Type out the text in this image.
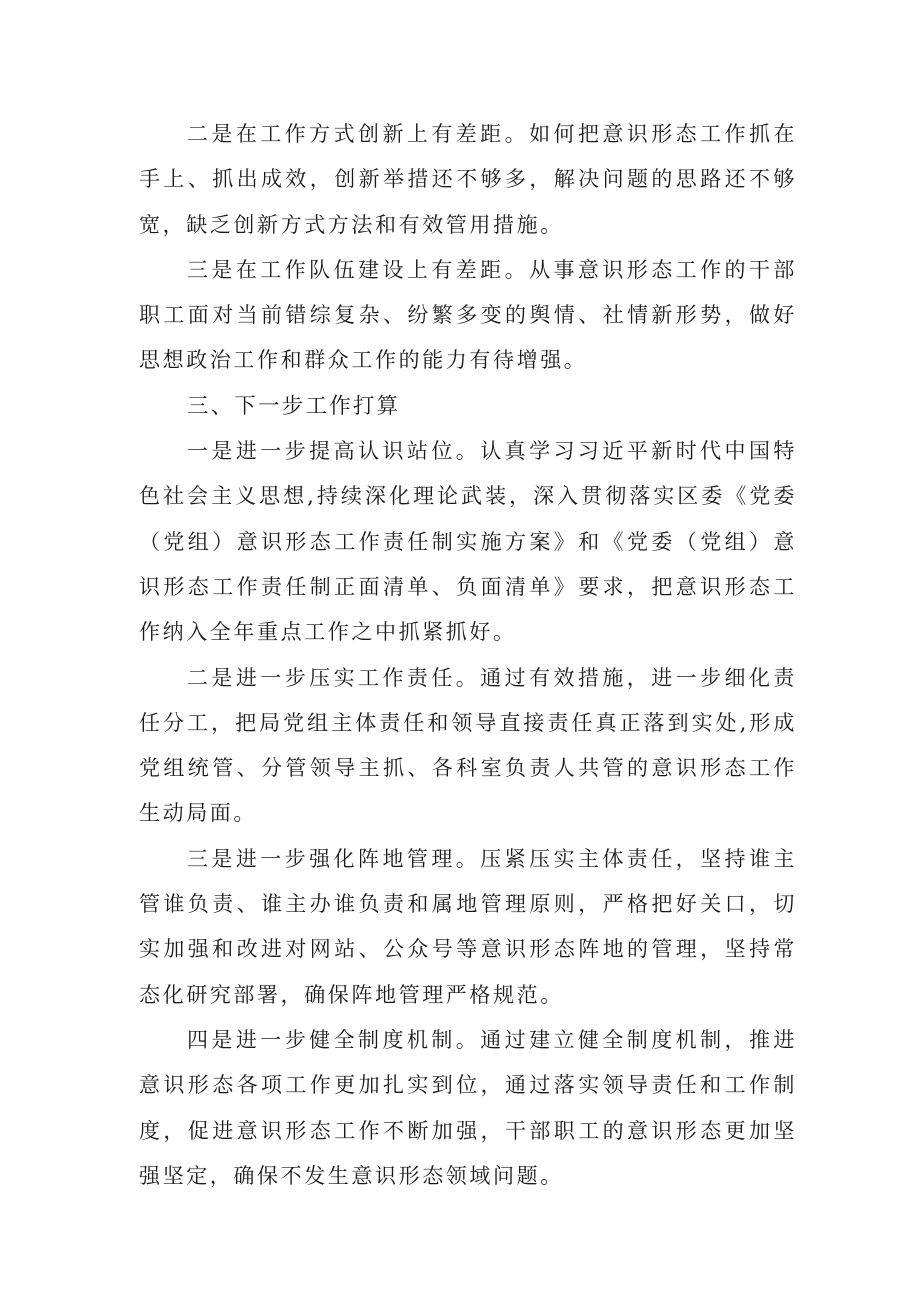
二是在工作方式创新上有差距。如何把意识形态工作抓在手上、抓出成效，创新举措还不够多，解决问题的思路还不够宽，缺乏创新方式方法和有效管用措施。

三是在工作队伍建设上有差距。从事意识形态工作的干部职工面对当前错综复杂、纷繁多变的舆情、社情新形势，做好思想政治工作和群众工作的能力有待增强。

三、下一步工作打算

一是进一步提高认识站位。认真学习习近平新时代中国特色社会主义思想,持续深化理论武装，深入贯彻落实区委《党委（党组）意识形态工作责任制实施方案》和《党委（党组）意识形态工作责任制正面清单、负面清单》要求，把意识形态工作纳入全年重点工作之中抓紧抓好。

二是进一步压实工作责任。通过有效措施，进一步细化责任分工，把局党组主体责任和领导直接责任真正落到实处,形成党组统管、分管领导主抓、各科室负责人共管的意识形态工作生动局面。

三是进一步强化阵地管理。压紧压实主体责任，坚持谁主管谁负责、谁主办谁负责和属地管理原则，严格把好关口，切实加强和改进对网站、公众号等意识形态阵地的管理，坚持常态化研究部署，确保阵地管理严格规范。

四是进一步健全制度机制。通过建立健全制度机制，推进意识形态各项工作更加扎实到位，通过落实领导责任和工作制度，促进意识形态工作不断加强，干部职工的意识形态更加坚强坚定，确保不发生意识形态领域问题。
